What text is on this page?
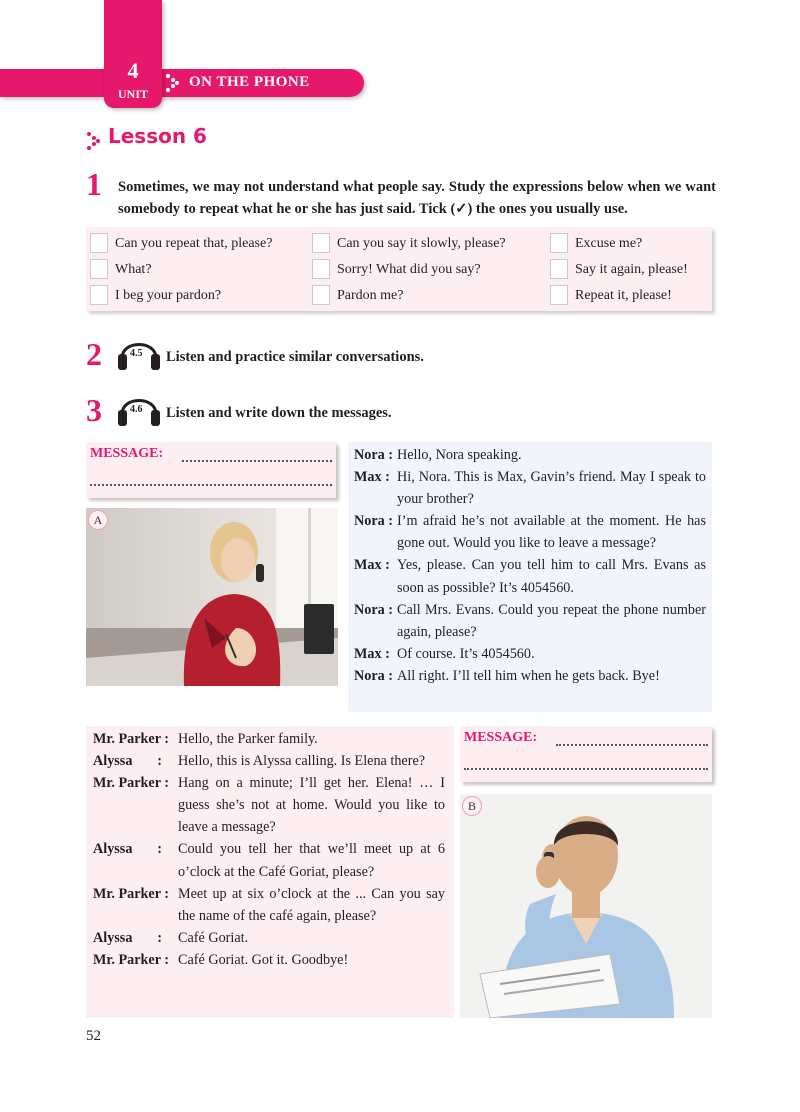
4
UNIT
ON THE PHONE
Lesson 6
1 Sometimes, we may not understand what people say. Study the expressions below when we want somebody to repeat what he or she has just said. Tick (✓) the ones you usually use.
Can you repeat that, please?
What?
I beg your pardon?
Can you say it slowly, please?
Sorry! What did you say?
Pardon me?
Excuse me?
Say it again, please!
Repeat it, please!
2	4.5 Listen and practice similar conversations.
3	4.6 Listen and write down the messages.
MESSAGE:
A
Nora : Hello, Nora speaking.
Max : Hi, Nora. This is Max, Gavin’s friend. May I speak to your brother?
Nora : I’m afraid he’s not available at the moment. He has gone out. Would you like to leave a message?
Max : Yes, please. Can you tell him to call Mrs. Evans as soon as possible? It’s 4054560.
Nora : Call Mrs. Evans. Could you repeat the phone number again, please?
Max : Of course. It’s 4054560.
Nora : All right. I’ll tell him when he gets back. Bye!
Mr. Parker : Hello, the Parker family.
Alyssa       : Hello, this is Alyssa calling. Is Elena there?
Mr. Parker : Hang on a minute; I’ll get her. Elena! … I guess she’s not at home. Would you like to leave a message?
Alyssa       : Could you tell her that we’ll meet up at 6 o’clock at the Café Goriat, please?
Mr. Parker : Meet up at six o’clock at the ... Can you say the name of the café again, please?
Alyssa       : Café Goriat.
Mr. Parker : Café Goriat. Got it. Goodbye!
MESSAGE:
B
52
